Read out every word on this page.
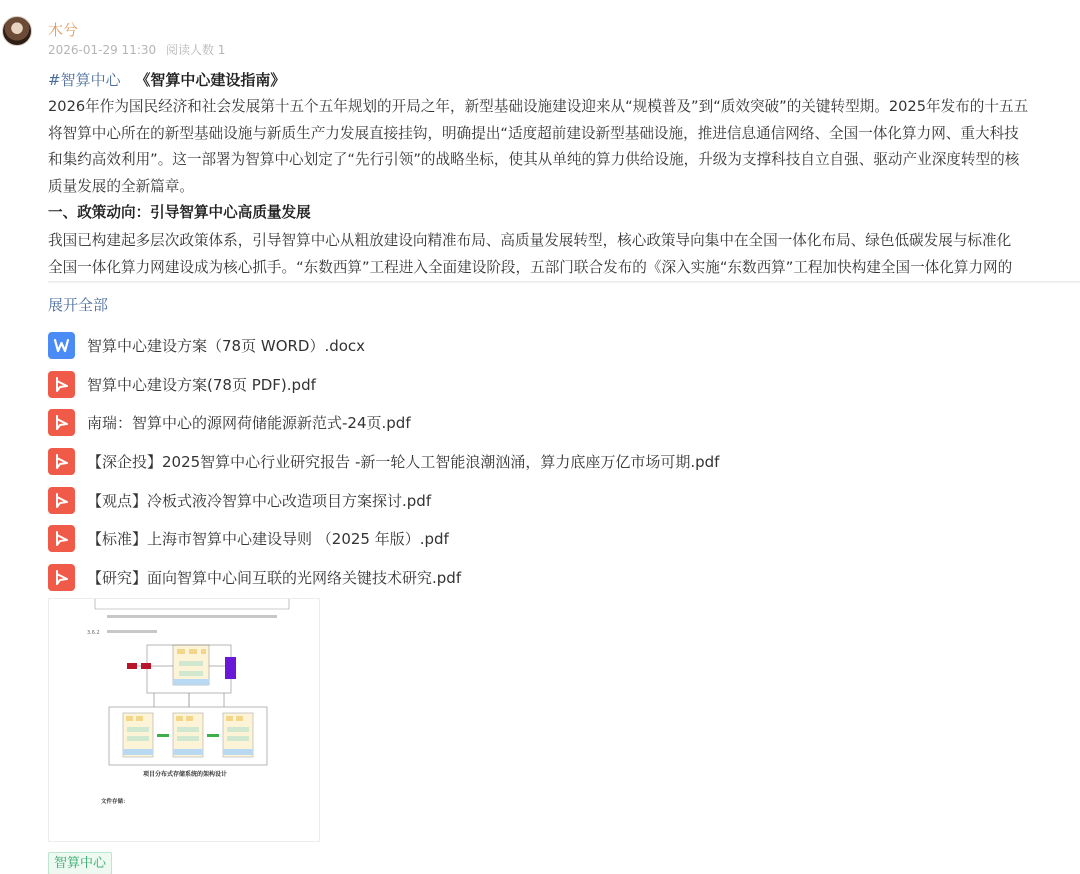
木兮
2026-01-29 11:30 阅读人数 1
#智算中心 《智算中心建设指南》

2026年作为国民经济和社会发展第十五个五年规划的开局之年，新型基础设施建设迎来从“规模普及”到“质效突破”的关键转型期。2025年发布的十五五

将智算中心所在的新型基础设施与新质生产力发展直接挂钩，明确提出“适度超前建设新型基础设施，推进信息通信网络、全国一体化算力网、重大科技

和集约高效利用”。这一部署为智算中心划定了“先行引领”的战略坐标，使其从单纯的算力供给设施，升级为支撑科技自立自强、驱动产业深度转型的核

质量发展的全新篇章。

一、政策动向：引导智算中心高质量发展

我国已构建起多层次政策体系，引导智算中心从粗放建设向精准布局、高质量发展转型，核心政策导向集中在全国一体化布局、绿色低碳发展与标准化

全国一体化算力网建设成为核心抓手。“东数西算”工程进入全面建设阶段，五部门联合发布的《深入实施“东数西算”工程加快构建全国一体化算力网的

展开全部
智算中心建设方案（78页 WORD）.docx
智算中心建设方案(78页 PDF).pdf
南瑞：智算中心的源网荷储能源新范式-24页.pdf
【深企投】2025智算中心行业研究报告 -新一轮人工智能浪潮汹涌，算力底座万亿市场可期.pdf
【观点】冷板式液冷智算中心改造项目方案探讨.pdf
【标准】上海市智算中心建设导则 （2025 年版）.pdf
【研究】面向智算中心间互联的光网络关键技术研究.pdf
3.6.2
项目分布式存储系统的架构设计
文件存储：
智算中心
